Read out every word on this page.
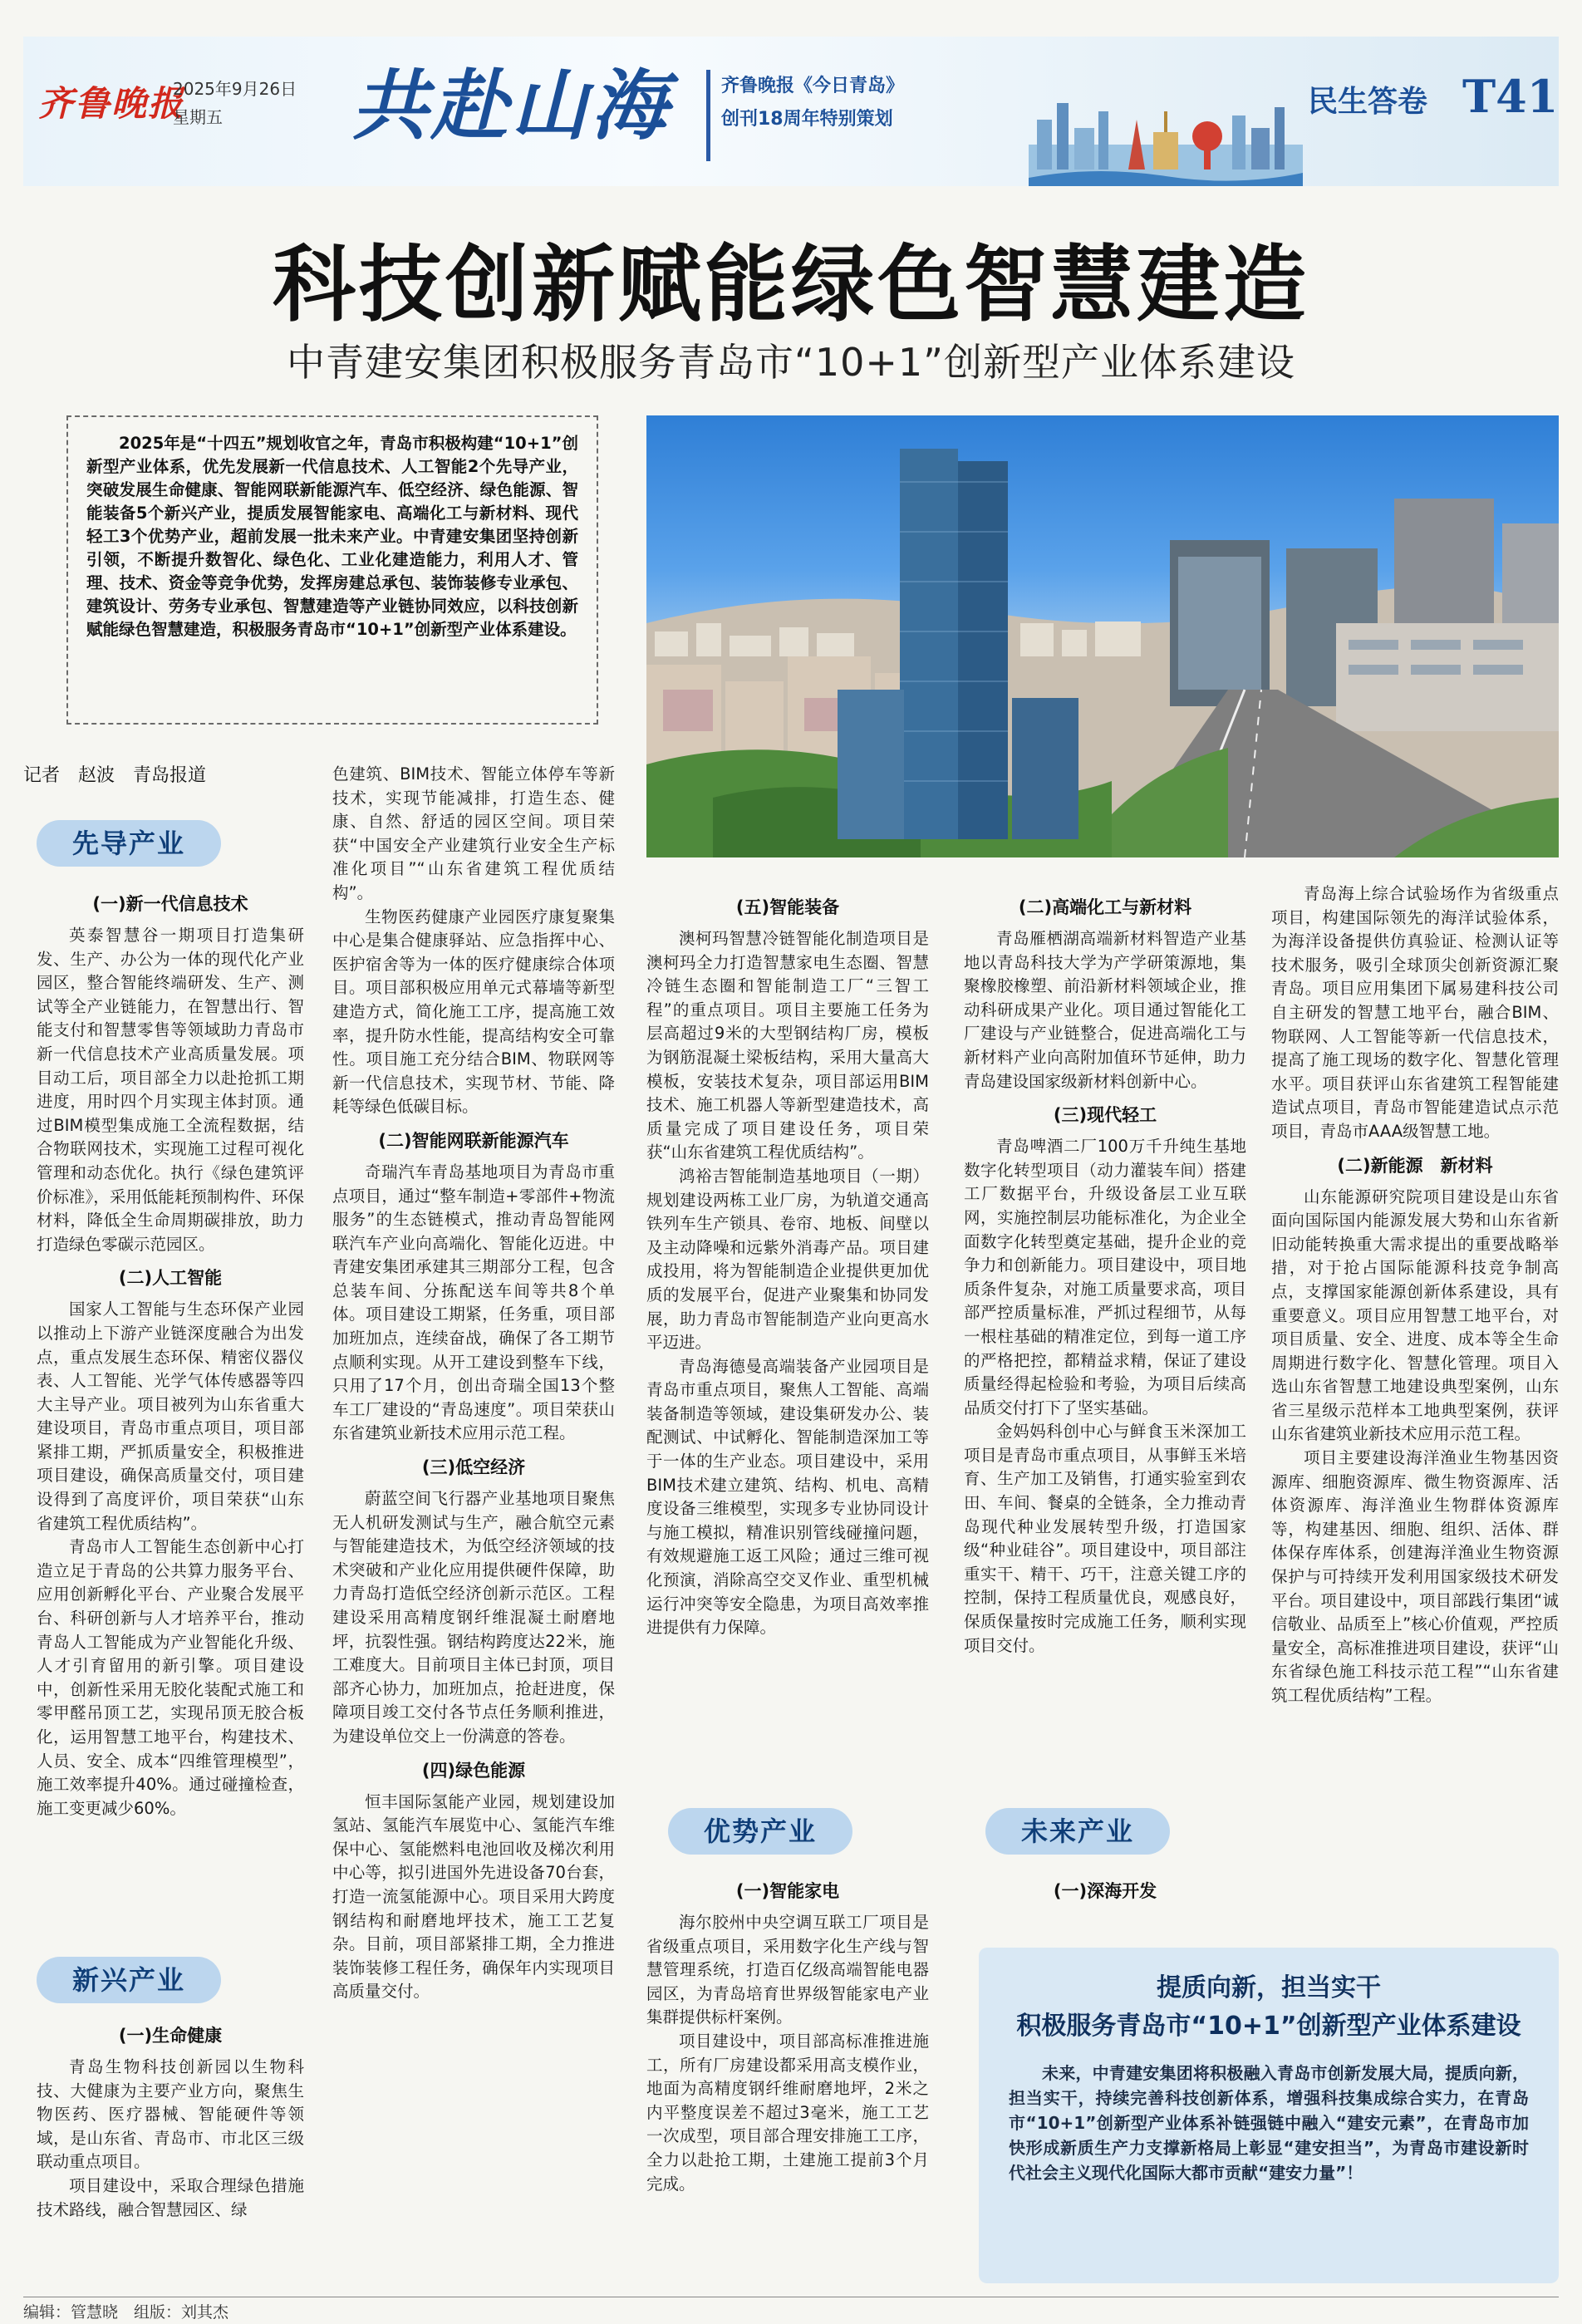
齐鲁晚报
2025年9月26日
星期五	共赴山海	齐鲁晚报《今日青岛》
创刊18周年特别策划
民生答卷 T41
科技创新赋能绿色智慧建造
中青建安集团积极服务青岛市“10+1”创新型产业体系建设

2025年是“十四五”规划收官之年，青岛市积极构建“10+1”创新型产业体系，优先发展新一代信息技术、人工智能2个先导产业，突破发展生命健康、智能网联新能源汽车、低空经济、绿色能源、智能装备5个新兴产业，提质发展智能家电、高端化工与新材料、现代轻工3个优势产业，超前发展一批未来产业。中青建安集团坚持创新引领，不断提升数智化、绿色化、工业化建造能力，利用人才、管理、技术、资金等竞争优势，发挥房建总承包、装饰装修专业承包、建筑设计、劳务专业承包、智慧建造等产业链协同效应，以科技创新赋能绿色智慧建造，积极服务青岛市“10+1”创新型产业体系建设。

记者　赵波　青岛报道
先导产业
新兴产业
优势产业	未来产业
(一)新一代信息技术

英泰智慧谷一期项目打造集研发、生产、办公为一体的现代化产业园区，整合智能终端研发、生产、测试等全产业链能力，在智慧出行、智能支付和智慧零售等领域助力青岛市新一代信息技术产业高质量发展。项目动工后，项目部全力以赴抢抓工期进度，用时四个月实现主体封顶。通过BIM模型集成施工全流程数据，结合物联网技术，实现施工过程可视化管理和动态优化。执行《绿色建筑评价标准》，采用低能耗预制构件、环保材料，降低全生命周期碳排放，助力打造绿色零碳示范园区。

(二)人工智能

国家人工智能与生态环保产业园以推动上下游产业链深度融合为出发点，重点发展生态环保、精密仪器仪表、人工智能、光学气体传感器等四大主导产业。项目被列为山东省重大建设项目，青岛市重点项目，项目部紧排工期，严抓质量安全，积极推进项目建设，确保高质量交付，项目建设得到了高度评价，项目荣获“山东省建筑工程优质结构”。

青岛市人工智能生态创新中心打造立足于青岛的公共算力服务平台、应用创新孵化平台、产业聚合发展平台、科研创新与人才培养平台，推动青岛人工智能成为产业智能化升级、人才引育留用的新引擎。项目建设中，创新性采用无胶化装配式施工和零甲醛吊顶工艺，实现吊顶无胶合板化，运用智慧工地平台，构建技术、人员、安全、成本“四维管理模型”，施工效率提升40%。通过碰撞检查，施工变更减少60%。

(一)生命健康

青岛生物科技创新园以生物科技、大健康为主要产业方向，聚焦生物医药、医疗器械、智能硬件等领域，是山东省、青岛市、市北区三级联动重点项目。

项目建设中，采取合理绿色措施技术路线，融合智慧园区、绿

色建筑、BIM技术、智能立体停车等新技术，实现节能减排，打造生态、健康、自然、舒适的园区空间。项目荣获“中国安全产业建筑行业安全生产标准化项目”“山东省建筑工程优质结构”。

生物医药健康产业园医疗康复聚集中心是集合健康驿站、应急指挥中心、医护宿舍等为一体的医疗健康综合体项目。项目部积极应用单元式幕墙等新型建造方式，简化施工工序，提高施工效率，提升防水性能，提高结构安全可靠性。项目施工充分结合BIM、物联网等新一代信息技术，实现节材、节能、降耗等绿色低碳目标。

(二)智能网联新能源汽车

奇瑞汽车青岛基地项目为青岛市重点项目，通过“整车制造+零部件+物流服务”的生态链模式，推动青岛智能网联汽车产业向高端化、智能化迈进。中青建安集团承建其三期部分工程，包含总装车间、分拣配送车间等共8个单体。项目建设工期紧，任务重，项目部加班加点，连续奋战，确保了各工期节点顺利实现。从开工建设到整车下线，只用了17个月，创出奇瑞全国13个整车工厂建设的“青岛速度”。项目荣获山东省建筑业新技术应用示范工程。

(三)低空经济

蔚蓝空间飞行器产业基地项目聚焦无人机研发测试与生产，融合航空元素与智能建造技术，为低空经济领域的技术突破和产业化应用提供硬件保障，助力青岛打造低空经济创新示范区。工程建设采用高精度钢纤维混凝土耐磨地坪，抗裂性强。钢结构跨度达22米，施工难度大。目前项目主体已封顶，项目部齐心协力，加班加点，抢赶进度，保障项目竣工交付各节点任务顺利推进，为建设单位交上一份满意的答卷。

(四)绿色能源

恒丰国际氢能产业园，规划建设加氢站、氢能汽车展览中心、氢能汽车维保中心、氢能燃料电池回收及梯次利用中心等，拟引进国外先进设备70台套，打造一流氢能源中心。项目采用大跨度钢结构和耐磨地坪技术，施工工艺复杂。目前，项目部紧排工期，全力推进装饰装修工程任务，确保年内实现项目高质量交付。

(五)智能装备

澳柯玛智慧冷链智能化制造项目是澳柯玛全力打造智慧家电生态圈、智慧冷链生态圈和智能制造工厂“三智工程”的重点项目。项目主要施工任务为层高超过9米的大型钢结构厂房，模板为钢筋混凝土梁板结构，采用大量高大模板，安装技术复杂，项目部运用BIM技术、施工机器人等新型建造技术，高质量完成了项目建设任务，项目荣获“山东省建筑工程优质结构”。

鸿裕吉智能制造基地项目（一期）规划建设两栋工业厂房，为轨道交通高铁列车生产锁具、卷帘、地板、间壁以及主动降噪和远紫外消毒产品。项目建成投用，将为智能制造企业提供更加优质的发展平台，促进产业聚集和协同发展，助力青岛市智能制造产业向更高水平迈进。

青岛海德曼高端装备产业园项目是青岛市重点项目，聚焦人工智能、高端装备制造等领域，建设集研发办公、装配测试、中试孵化、智能制造深加工等于一体的生产业态。项目建设中，采用BIM技术建立建筑、结构、机电、高精度设备三维模型，实现多专业协同设计与施工模拟，精准识别管线碰撞问题，有效规避施工返工风险；通过三维可视化预演，消除高空交叉作业、重型机械运行冲突等安全隐患，为项目高效率推进提供有力保障。

(一)智能家电

海尔胶州中央空调互联工厂项目是省级重点项目，采用数字化生产线与智慧管理系统，打造百亿级高端智能电器园区，为青岛培育世界级智能家电产业集群提供标杆案例。

项目建设中，项目部高标准推进施工，所有厂房建设都采用高支模作业，地面为高精度钢纤维耐磨地坪，2米之内平整度误差不超过3毫米，施工工艺一次成型，项目部合理安排施工工序，全力以赴抢工期，土建施工提前3个月完成。

(二)高端化工与新材料

青岛雁栖湖高端新材料智造产业基地以青岛科技大学为产学研策源地，集聚橡胶橡塑、前沿新材料领域企业，推动科研成果产业化。项目通过智能化工厂建设与产业链整合，促进高端化工与新材料产业向高附加值环节延伸，助力青岛建设国家级新材料创新中心。

(三)现代轻工

青岛啤酒二厂100万千升纯生基地数字化转型项目（动力灌装车间）搭建工厂数据平台，升级设备层工业互联网，实施控制层功能标准化，为企业全面数字化转型奠定基础，提升企业的竞争力和创新能力。项目建设中，项目地质条件复杂，对施工质量要求高，项目部严控质量标准，严抓过程细节，从每一根柱基础的精准定位，到每一道工序的严格把控，都精益求精，保证了建设质量经得起检验和考验，为项目后续高品质交付打下了坚实基础。

金妈妈科创中心与鲜食玉米深加工项目是青岛市重点项目，从事鲜玉米培育、生产加工及销售，打通实验室到农田、车间、餐桌的全链条，全力推动青岛现代种业发展转型升级，打造国家级“种业硅谷”。项目建设中，项目部注重实干、精干、巧干，注意关键工序的控制，保持工程质量优良，观感良好，保质保量按时完成施工任务，顺利实现项目交付。

(一)深海开发

青岛海上综合试验场作为省级重点项目，构建国际领先的海洋试验体系，为海洋设备提供仿真验证、检测认证等技术服务，吸引全球顶尖创新资源汇聚青岛。项目应用集团下属易建科技公司自主研发的智慧工地平台，融合BIM、物联网、人工智能等新一代信息技术，提高了施工现场的数字化、智慧化管理水平。项目获评山东省建筑工程智能建造试点项目，青岛市智能建造试点示范项目，青岛市AAA级智慧工地。

(二)新能源　新材料

山东能源研究院项目建设是山东省面向国际国内能源发展大势和山东省新旧动能转换重大需求提出的重要战略举措，对于抢占国际能源科技竞争制高点，支撑国家能源创新体系建设，具有重要意义。项目应用智慧工地平台，对项目质量、安全、进度、成本等全生命周期进行数字化、智慧化管理。项目入选山东省智慧工地建设典型案例，山东省三星级示范样本工地典型案例，获评山东省建筑业新技术应用示范工程。

项目主要建设海洋渔业生物基因资源库、细胞资源库、微生物资源库、活体资源库、海洋渔业生物群体资源库等，构建基因、细胞、组织、活体、群体保存库体系，创建海洋渔业生物资源保护与可持续开发利用国家级技术研发平台。项目建设中，项目部践行集团“诚信敬业、品质至上”核心价值观，严控质量安全，高标准推进项目建设，获评“山东省绿色施工科技示范工程”“山东省建筑工程优质结构”工程。

提质向新，担当实干
积极服务青岛市“10+1”创新型产业体系建设

未来，中青建安集团将积极融入青岛市创新发展大局，提质向新，担当实干，持续完善科技创新体系，增强科技集成综合实力，在青岛市“10+1”创新型产业体系补链强链中融入“建安元素”，在青岛市加快形成新质生产力支撑新格局上彰显“建安担当”，为青岛市建设新时代社会主义现代化国际大都市贡献“建安力量”！

编辑：管慧晓　组版：刘其杰
